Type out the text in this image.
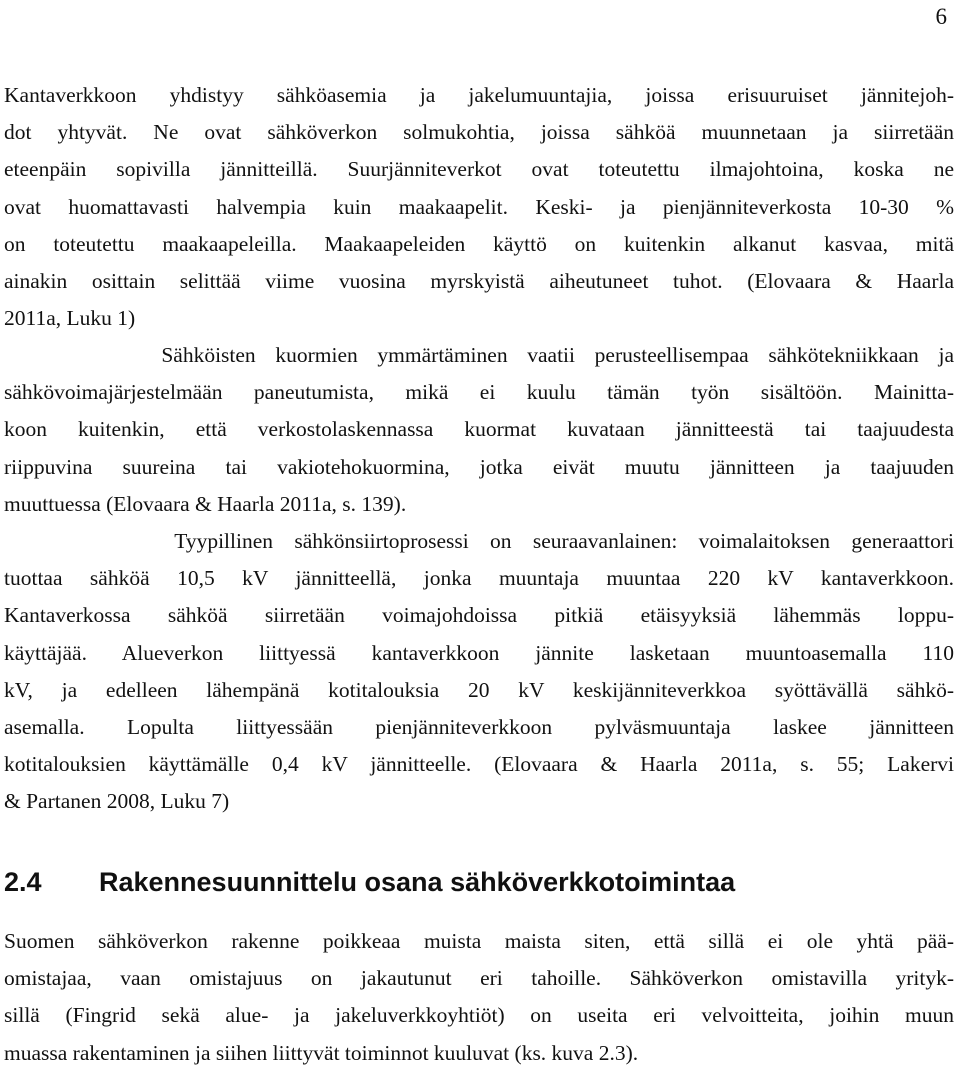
6
Kantaverkkoon yhdistyy sähköasemia ja jakelumuuntajia, joissa erisuuruiset jännitejoh-
dot yhtyvät. Ne ovat sähköverkon solmukohtia, joissa sähköä muunnetaan ja siirretään
eteenpäin sopivilla jännitteillä. Suurjänniteverkot ovat toteutettu ilmajohtoina, koska ne
ovat huomattavasti halvempia kuin maakaapelit. Keski- ja pienjänniteverkosta 10-30 %
on toteutettu maakaapeleilla. Maakaapeleiden käyttö on kuitenkin alkanut kasvaa, mitä
ainakin osittain selittää viime vuosina myrskyistä aiheutuneet tuhot. (Elovaara & Haarla
2011a, Luku 1)
Sähköisten kuormien ymmärtäminen vaatii perusteellisempaa sähkötekniikkaan ja
sähkövoimajärjestelmään paneutumista, mikä ei kuulu tämän työn sisältöön. Mainitta-
koon kuitenkin, että verkostolaskennassa kuormat kuvataan jännitteestä tai taajuudesta
riippuvina suureina tai vakiotehokuormina, jotka eivät muutu jännitteen ja taajuuden
muuttuessa (Elovaara & Haarla 2011a, s. 139).
Tyypillinen sähkönsiirtoprosessi on seuraavanlainen: voimalaitoksen generaattori
tuottaa sähköä 10,5 kV jännitteellä, jonka muuntaja muuntaa 220 kV kantaverkkoon.
Kantaverkossa sähköä siirretään voimajohdoissa pitkiä etäisyyksiä lähemmäs loppu-
käyttäjää. Alueverkon liittyessä kantaverkkoon jännite lasketaan muuntoasemalla 110
kV, ja edelleen lähempänä kotitalouksia 20 kV keskijänniteverkkoa syöttävällä sähkö-
asemalla. Lopulta liittyessään pienjänniteverkkoon pylväsmuuntaja laskee jännitteen
kotitalouksien käyttämälle 0,4 kV jännitteelle. (Elovaara & Haarla 2011a, s. 55; Lakervi
& Partanen 2008, Luku 7)
2.4 Rakennesuunnittelu osana sähköverkkotoimintaa
Suomen sähköverkon rakenne poikkeaa muista maista siten, että sillä ei ole yhtä pää-
omistajaa, vaan omistajuus on jakautunut eri tahoille. Sähköverkon omistavilla yrityk-
sillä (Fingrid sekä alue- ja jakeluverkkoyhtiöt) on useita eri velvoitteita, joihin muun
muassa rakentaminen ja siihen liittyvät toiminnot kuuluvat (ks. kuva 2.3).
